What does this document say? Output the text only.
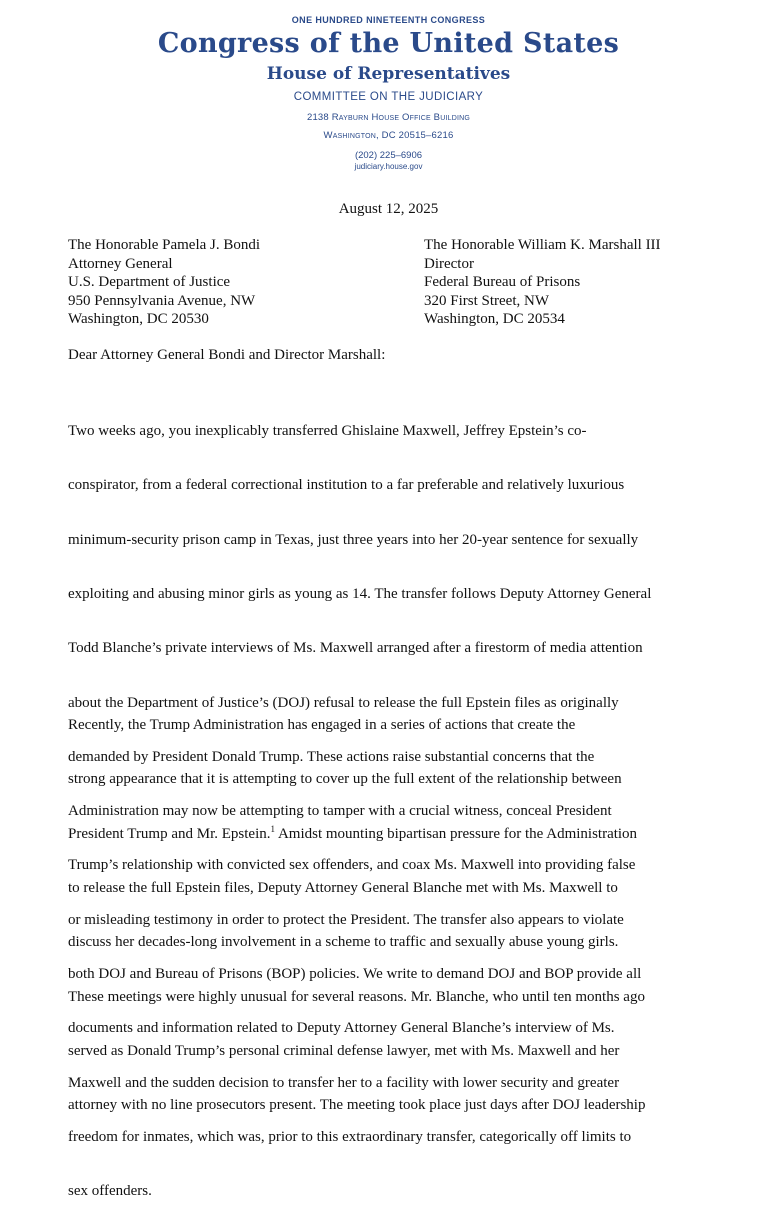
ONE HUNDRED NINETEENTH CONGRESS
Congress of the United States
House of Representatives
COMMITTEE ON THE JUDICIARY
2138 Rayburn House Office Building
Washington, DC 20515–6216
(202) 225–6906
judiciary.house.gov
August 12, 2025
The Honorable Pamela J. Bondi
Attorney General
U.S. Department of Justice
950 Pennsylvania Avenue, NW
Washington, DC 20530
The Honorable William K. Marshall III
Director
Federal Bureau of Prisons
320 First Street, NW
Washington, DC 20534
Dear Attorney General Bondi and Director Marshall:

Two weeks ago, you inexplicably transferred Ghislaine Maxwell, Jeffrey Epstein’s co-

conspirator, from a federal correctional institution to a far preferable and relatively luxurious

minimum-security prison camp in Texas, just three years into her 20-year sentence for sexually

exploiting and abusing minor girls as young as 14. The transfer follows Deputy Attorney General

Todd Blanche’s private interviews of Ms. Maxwell arranged after a firestorm of media attention

about the Department of Justice’s (DOJ) refusal to release the full Epstein files as originally

demanded by President Donald Trump. These actions raise substantial concerns that the

Administration may now be attempting to tamper with a crucial witness, conceal President

Trump’s relationship with convicted sex offenders, and coax Ms. Maxwell into providing false

or misleading testimony in order to protect the President. The transfer also appears to violate

both DOJ and Bureau of Prisons (BOP) policies. We write to demand DOJ and BOP provide all

documents and information related to Deputy Attorney General Blanche’s interview of Ms.

Maxwell and the sudden decision to transfer her to a facility with lower security and greater

freedom for inmates, which was, prior to this extraordinary transfer, categorically off limits to

sex offenders.

Recently, the Trump Administration has engaged in a series of actions that create the

strong appearance that it is attempting to cover up the full extent of the relationship between

President Trump and Mr. Epstein.$^1$ Amidst mounting bipartisan pressure for the Administration

to release the full Epstein files, Deputy Attorney General Blanche met with Ms. Maxwell to

discuss her decades-long involvement in a scheme to traffic and sexually abuse young girls.

These meetings were highly unusual for several reasons. Mr. Blanche, who until ten months ago

served as Donald Trump’s personal criminal defense lawyer, met with Ms. Maxwell and her

attorney with no line prosecutors present. The meeting took place just days after DOJ leadership
